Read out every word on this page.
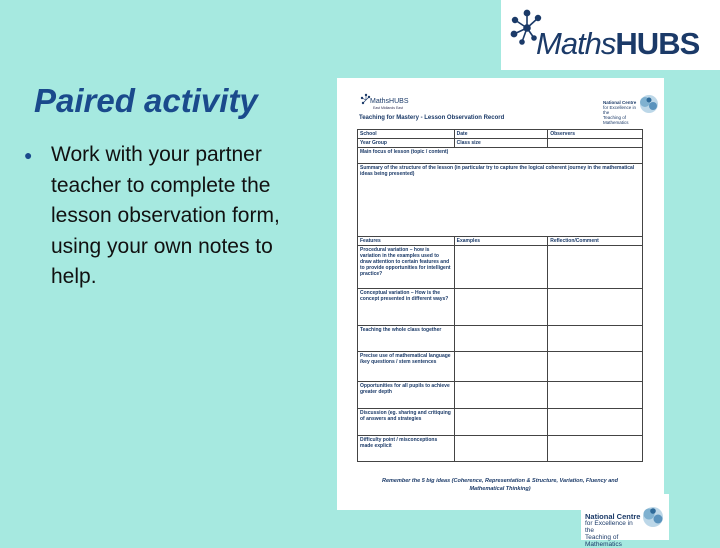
MathsHUBS
Paired activity
● Work with your partner teacher to complete the lesson observation form, using your own notes to help.
MathsHUBS
East Midlands East
National Centre
for Excellence in the
Teaching of Mathematics
Teaching for Mastery - Lesson Observation Record
School	Date	Observers
Year Group	Class size	
Main focus of lesson (topic / content)		
Summary of the structure of the lesson (in particular try to capture the logical coherent journey in the mathematical ideas being presented)		
Features	Examples	Reflection/Comment
Procedural variation – how is variation in the examples used to draw attention to certain features and to provide opportunities for intelligent practice?		
Conceptual variation – How is the concept presented in different ways?		
Teaching the whole class together		
Precise use of mathematical language /key questions / stem sentences		
Opportunities for all pupils to achieve greater depth		
Discussion (eg. sharing and critiquing of answers and strategies		
Difficulty point / misconceptions made explicit		
Remember the 5 big ideas (Coherence, Representation & Structure, Variation, Fluency and Mathematical Thinking)
National Centre
for Excellence in the
Teaching of Mathematics
